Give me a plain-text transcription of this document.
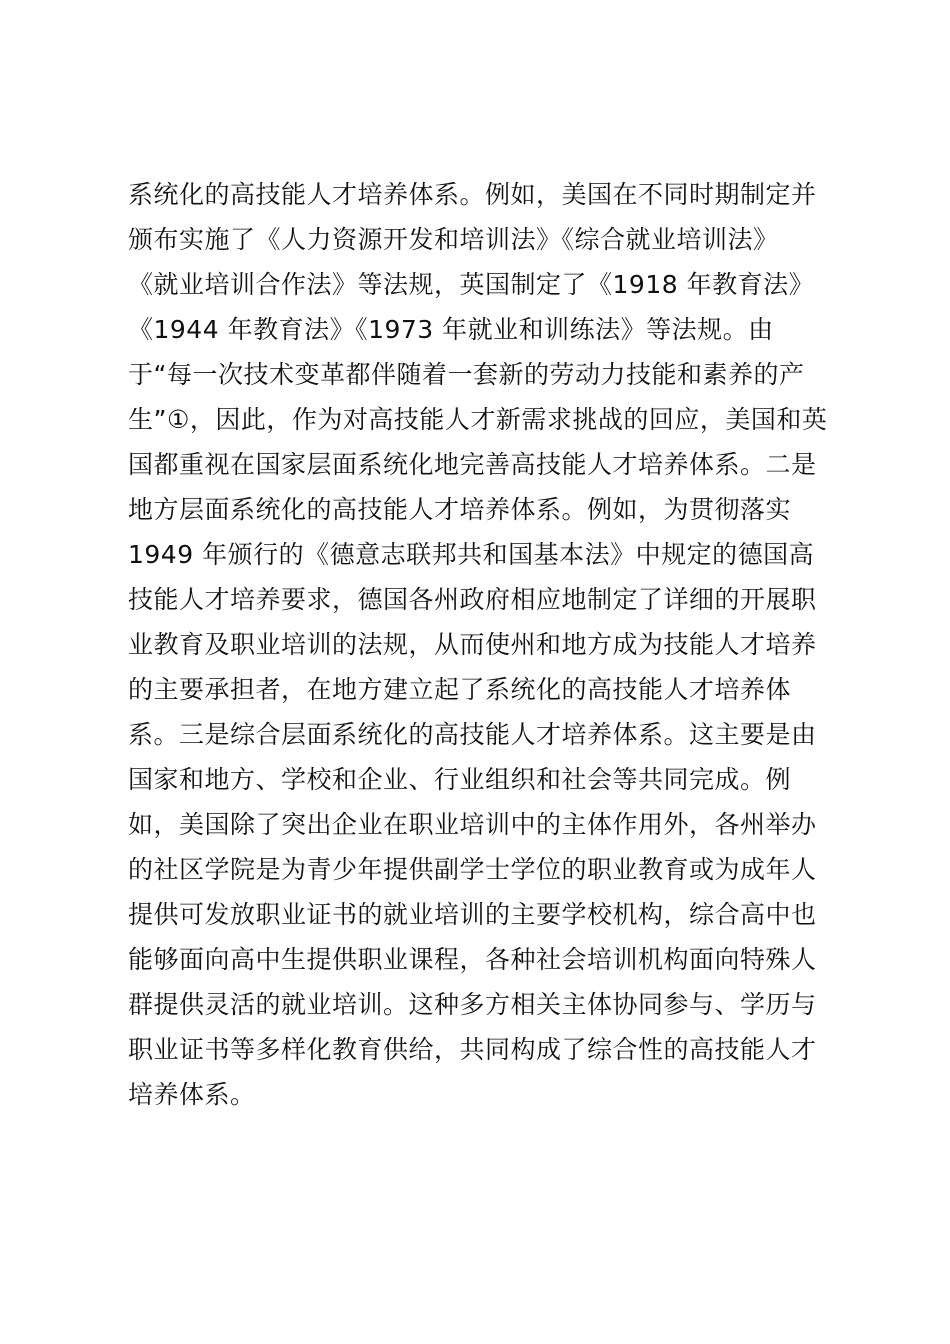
系统化的高技能人才培养体系。例如，美国在不同时期制定并
颁布实施了《人力资源开发和培训法》《综合就业培训法》
《就业培训合作法》等法规，英国制定了《1918 年教育法》
《1944 年教育法》《1973 年就业和训练法》等法规。由
于“每一次技术变革都伴随着一套新的劳动力技能和素养的产
生”①，因此，作为对高技能人才新需求挑战的回应，美国和英
国都重视在国家层面系统化地完善高技能人才培养体系。二是
地方层面系统化的高技能人才培养体系。例如，为贯彻落实
1949 年颁行的《德意志联邦共和国基本法》中规定的德国高
技能人才培养要求，德国各州政府相应地制定了详细的开展职
业教育及职业培训的法规，从而使州和地方成为技能人才培养
的主要承担者，在地方建立起了系统化的高技能人才培养体
系。三是综合层面系统化的高技能人才培养体系。这主要是由
国家和地方、学校和企业、行业组织和社会等共同完成。例
如，美国除了突出企业在职业培训中的主体作用外，各州举办
的社区学院是为青少年提供副学士学位的职业教育或为成年人
提供可发放职业证书的就业培训的主要学校机构，综合高中也
能够面向高中生提供职业课程，各种社会培训机构面向特殊人
群提供灵活的就业培训。这种多方相关主体协同参与、学历与
职业证书等多样化教育供给，共同构成了综合性的高技能人才
培养体系。
